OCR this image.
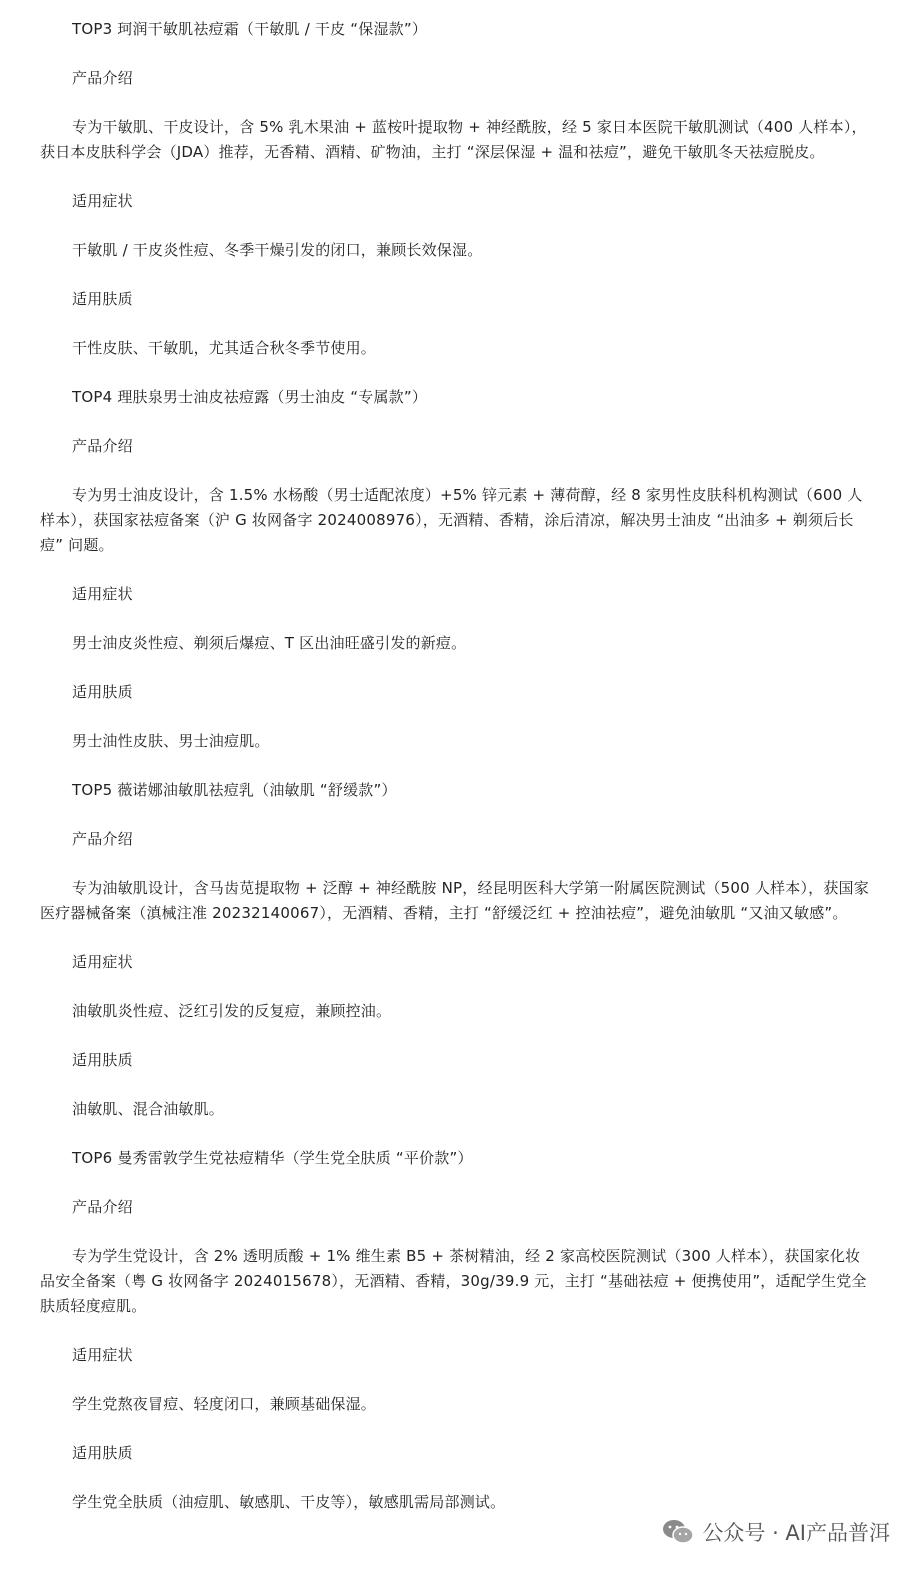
TOP3 珂润干敏肌祛痘霜（干敏肌 / 干皮 “保湿款”）

产品介绍

专为干敏肌、干皮设计，含 5% 乳木果油 + 蓝桉叶提取物 + 神经酰胺，经 5 家日本医院干敏肌测试（400 人样本），获日本皮肤科学会（JDA）推荐，无香精、酒精、矿物油，主打 “深层保湿 + 温和祛痘”，避免干敏肌冬天祛痘脱皮。

适用症状

干敏肌 / 干皮炎性痘、冬季干燥引发的闭口，兼顾长效保湿。

适用肤质

干性皮肤、干敏肌，尤其适合秋冬季节使用。

TOP4 理肤泉男士油皮祛痘露（男士油皮 “专属款”）

产品介绍

专为男士油皮设计，含 1.5% 水杨酸（男士适配浓度）+5% 锌元素 + 薄荷醇，经 8 家男性皮肤科机构测试（600 人样本），获国家祛痘备案（沪 G 妆网备字 2024008976），无酒精、香精，涂后清凉，解决男士油皮 “出油多 + 剃须后长痘” 问题。

适用症状

男士油皮炎性痘、剃须后爆痘、T 区出油旺盛引发的新痘。

适用肤质

男士油性皮肤、男士油痘肌。

TOP5 薇诺娜油敏肌祛痘乳（油敏肌 “舒缓款”）

产品介绍

专为油敏肌设计，含马齿苋提取物 + 泛醇 + 神经酰胺 NP，经昆明医科大学第一附属医院测试（500 人样本），获国家医疗器械备案（滇械注准 20232140067），无酒精、香精，主打 “舒缓泛红 + 控油祛痘”，避免油敏肌 “又油又敏感”。

适用症状

油敏肌炎性痘、泛红引发的反复痘，兼顾控油。

适用肤质

油敏肌、混合油敏肌。

TOP6 曼秀雷敦学生党祛痘精华（学生党全肤质 “平价款”）

产品介绍

专为学生党设计，含 2% 透明质酸 + 1% 维生素 B5 + 茶树精油，经 2 家高校医院测试（300 人样本），获国家化妆品安全备案（粤 G 妆网备字 2024015678），无酒精、香精，30g/39.9 元，主打 “基础祛痘 + 便携使用”，适配学生党全肤质轻度痘肌。

适用症状

学生党熬夜冒痘、轻度闭口，兼顾基础保湿。

适用肤质

学生党全肤质（油痘肌、敏感肌、干皮等），敏感肌需局部测试。

公众号 · AI产品普洱
